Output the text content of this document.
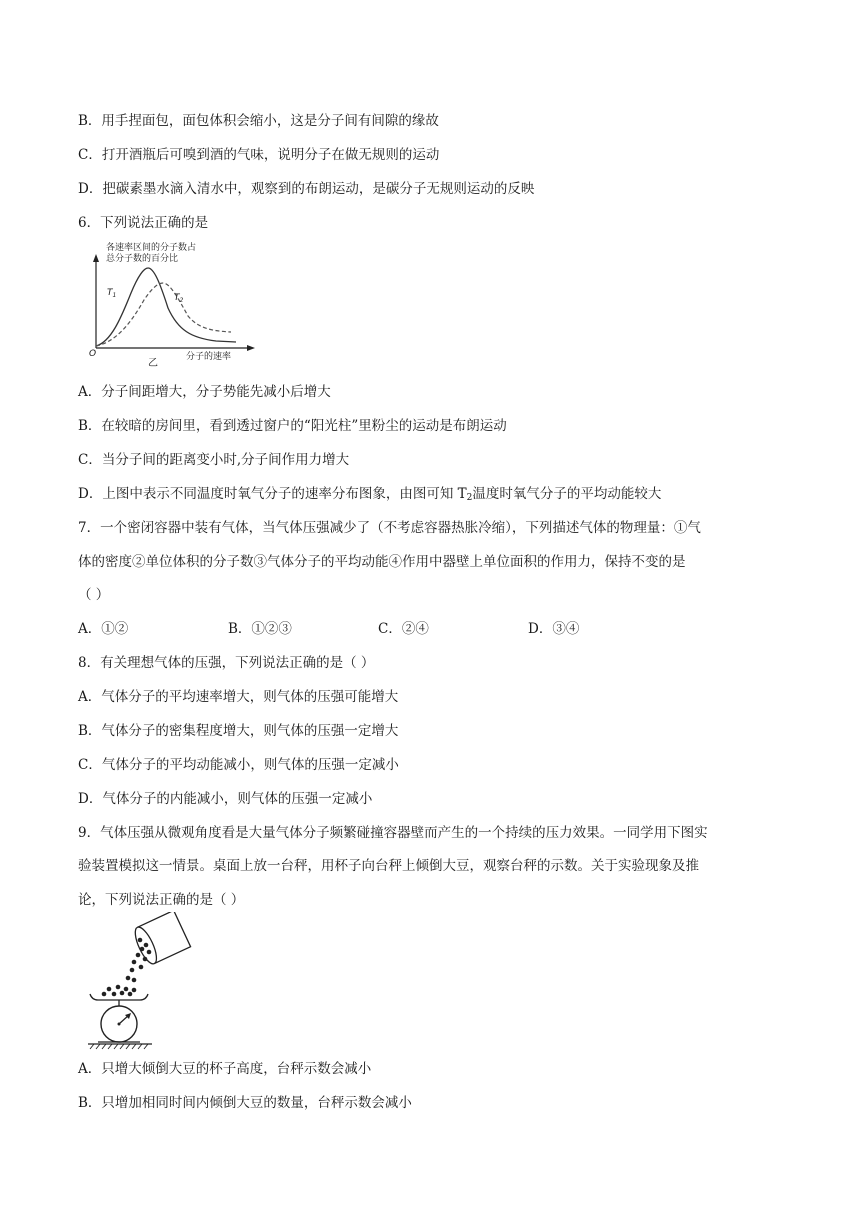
B．用手捏面包，面包体积会缩小，这是分子间有间隙的缘故
C．打开酒瓶后可嗅到酒的气味，说明分子在做无规则的运动
D．把碳素墨水滴入清水中，观察到的布朗运动，是碳分子无规则运动的反映
6．下列说法正确的是
各速率区间的分子数占
总分子数的百分比
$T_1$	$T_2$
O	分子的速率
乙
A．分子间距增大，分子势能先减小后增大
B．在较暗的房间里，看到透过窗户的“阳光柱”里粉尘的运动是布朗运动
C．当分子间的距离变小时,分子间作用力增大
D．上图中表示不同温度时氧气分子的速率分布图象，由图可知 $T_2$温度时氧气分子的平均动能较大
7．一个密闭容器中装有气体，当气体压强减少了（不考虑容器热胀冷缩），下列描述气体的物理量：①气
体的密度②单位体积的分子数③气体分子的平均动能④作用中器壁上单位面积的作用力，保持不变的是
（ ）
A．①②	B．①②③	C．②④	D．③④
8．有关理想气体的压强，下列说法正确的是（ ）
A．气体分子的平均速率增大，则气体的压强可能增大
B．气体分子的密集程度增大，则气体的压强一定增大
C．气体分子的平均动能减小，则气体的压强一定减小
D．气体分子的内能减小，则气体的压强一定减小
9．气体压强从微观角度看是大量气体分子频繁碰撞容器壁而产生的一个持续的压力效果。一同学用下图实
验装置模拟这一情景。桌面上放一台秤，用杯子向台秤上倾倒大豆，观察台秤的示数。关于实验现象及推
论，下列说法正确的是（ ）
A．只增大倾倒大豆的杯子高度，台秤示数会减小
B．只增加相同时间内倾倒大豆的数量，台秤示数会减小
